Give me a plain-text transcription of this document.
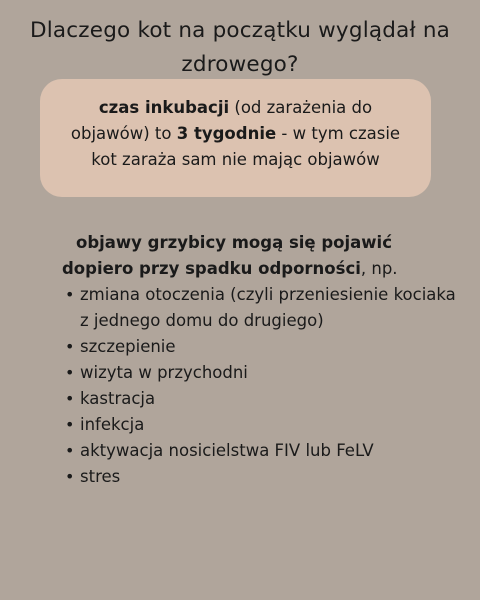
Dlaczego kot na początku wyglądał na
zdrowego?
czas inkubacji (od zarażenia do objawów) to 3 tygodnie - w tym czasie kot zaraża sam nie mając objawów
objawy grzybicy mogą się pojawić
dopiero przy spadku odporności, np.
• zmiana otoczenia (czyli przeniesienie kociaka z jednego domu do drugiego)
• szczepienie
• wizyta w przychodni
• kastracja
• infekcja
• aktywacja nosicielstwa FIV lub FeLV
• stres
